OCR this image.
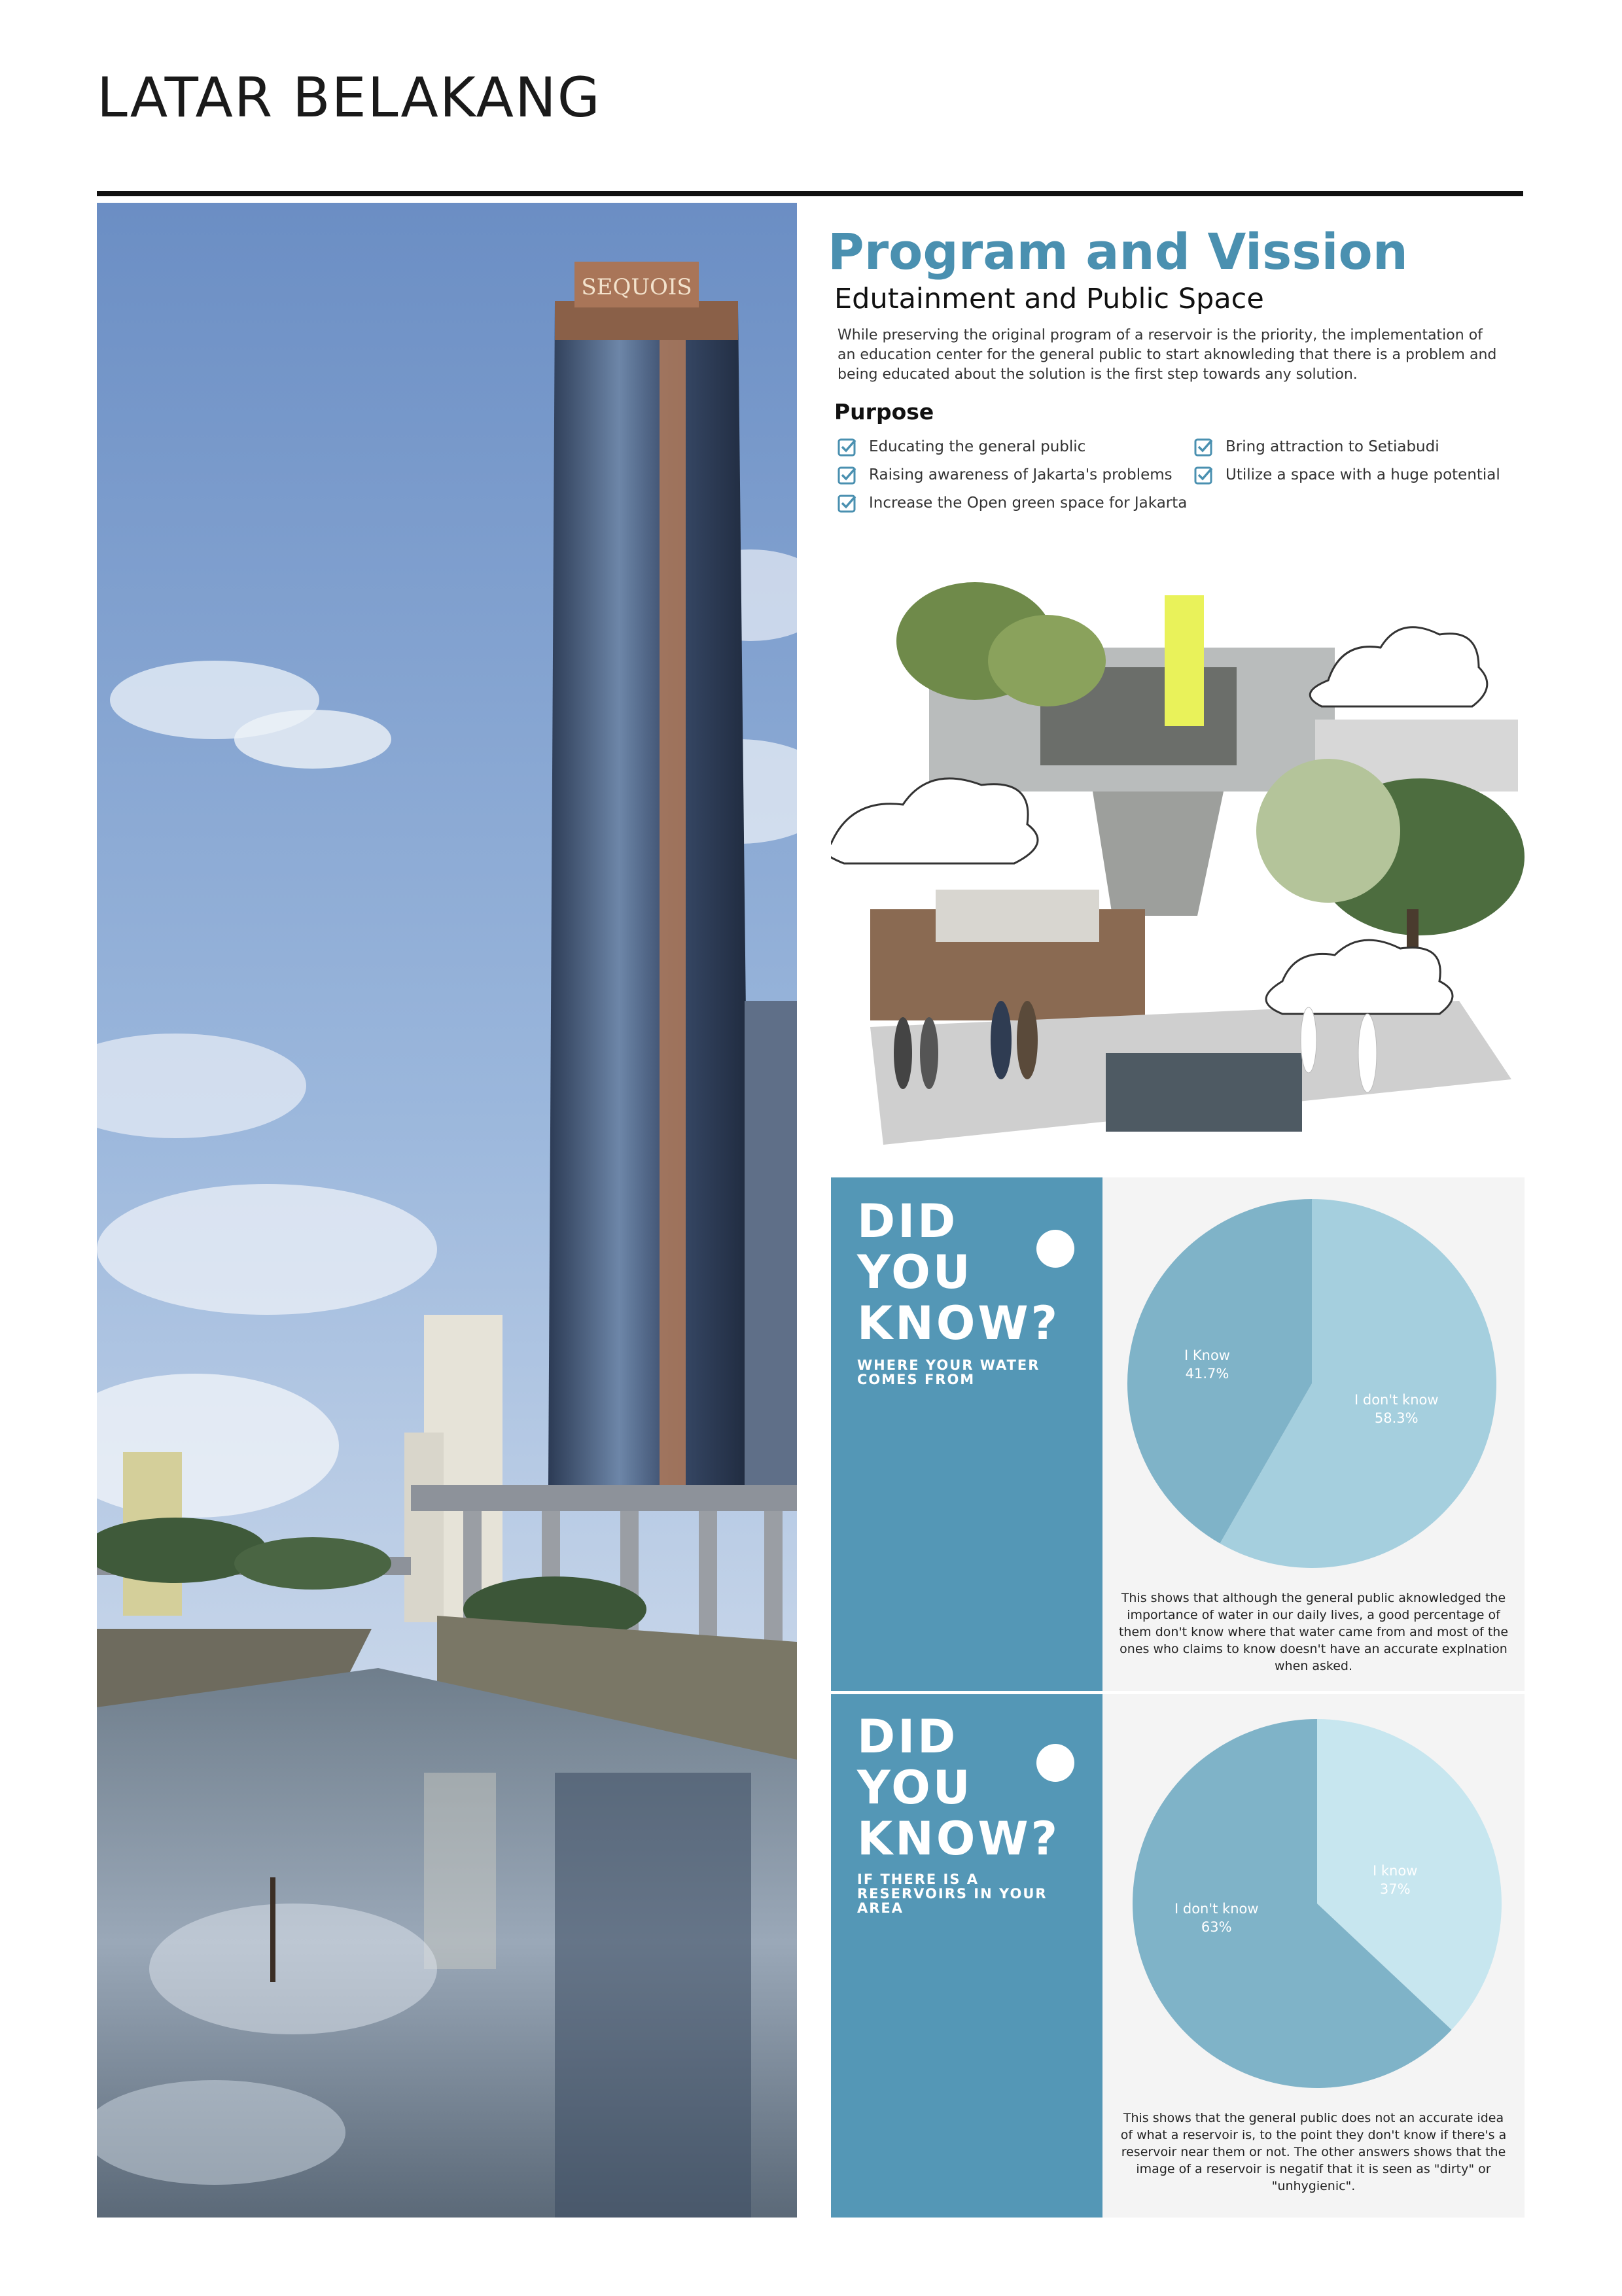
LATAR BELAKANG
SEQUOIS
Program and Vission
Edutainment and Public Space
While preserving the original program of a reservoir is the priority, the implementation of an education center for the general public to start aknowleding that there is a problem and being educated about the solution is the first step towards any solution.
Purpose
Educating the general public
Raising awareness of Jakarta's problems
Increase the Open green space for Jakarta
Bring attraction to Setiabudi
Utilize a space with a huge potential
DID
YOU
KNOW?
WHERE YOUR WATER COMES FROM
I Know
41.7%
I don't know
58.3%
This shows that although the general public aknowledged the importance of water in our daily lives, a good percentage of them don't know where that water came from and most of the ones who claims to know doesn't have an accurate explnation when asked.
DID
YOU
KNOW?
IF THERE IS A RESERVOIRS IN YOUR AREA
I know
37%
I don't know
63%
This shows that the general public does not an accurate idea of what a reservoir is, to the point they don't know if there's a reservoir near them or not. The other answers shows that the image of a reservoir is negatif that it is seen as "dirty" or "unhygienic".
